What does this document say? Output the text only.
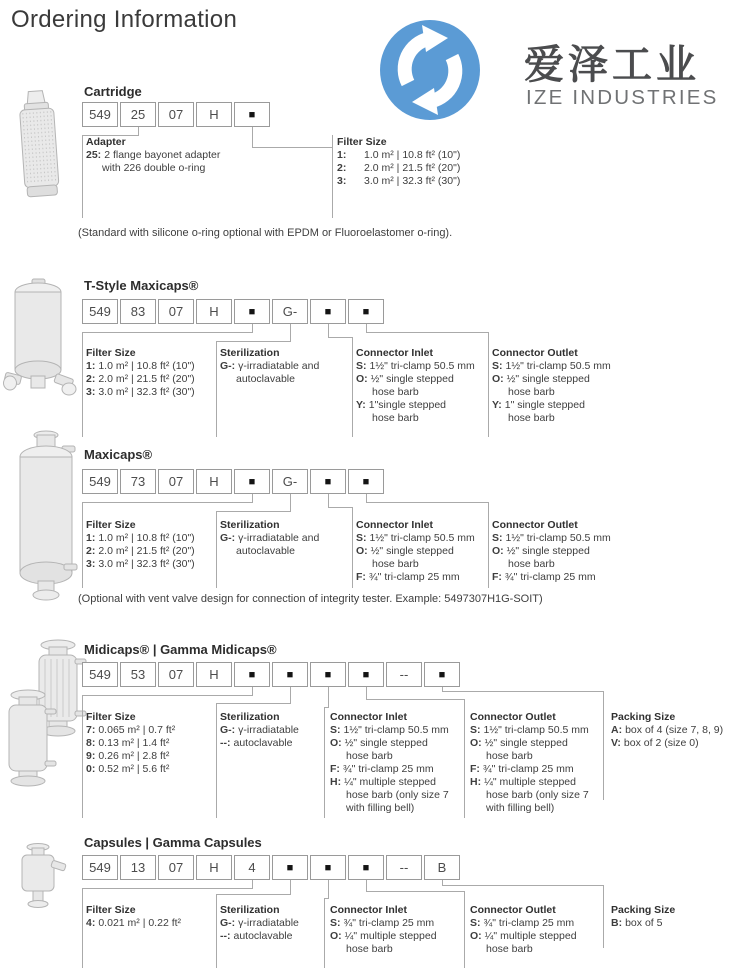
Ordering Information
爱泽工业
IZE INDUSTRIES
Cartridge
549	25	07	H	■
Adapter
25: 2 flange bayonet adapter
with 226 double o-ring
Filter Size
1: 1.0 m² | 10.8 ft² (10")
2: 2.0 m² | 21.5 ft² (20")
3: 3.0 m² | 32.3 ft² (30")
(Standard with silicone o-ring optional with EPDM or Fluoroelastomer o-ring).
T-Style Maxicaps®
549	83	07	H	■	G-	■	■
Filter Size
1: 1.0 m² | 10.8 ft² (10")
2: 2.0 m² | 21.5 ft² (20")
3: 3.0 m² | 32.3 ft² (30")
Sterilization
G-: γ-irradiatable and
autoclavable
Connector Inlet
S: 1½" tri-clamp 50.5 mm
O: ½" single stepped
hose barb
Y: 1"single stepped
hose barb
Connector Outlet
S: 1½" tri-clamp 50.5 mm
O: ½" single stepped
hose barb
Y: 1" single stepped
hose barb
Maxicaps®
549	73	07	H	■	G-	■	■
Filter Size
1: 1.0 m² | 10.8 ft² (10")
2: 2.0 m² | 21.5 ft² (20")
3: 3.0 m² | 32.3 ft² (30")
Sterilization
G-: γ-irradiatable and
autoclavable
Connector Inlet
S: 1½" tri-clamp 50.5 mm
O: ½" single stepped
hose barb
F: ¾" tri-clamp 25 mm
Connector Outlet
S: 1½" tri-clamp 50.5 mm
O: ½" single stepped
hose barb
F: ¾" tri-clamp 25 mm
(Optional with vent valve design for connection of integrity tester. Example: 5497307H1G-SOIT)
Midicaps® | Gamma Midicaps®
549	53	07	H	■	■	■	■	--	■
Filter Size
7: 0.065 m² | 0.7 ft²
8: 0.13 m² | 1.4 ft²
9: 0.26 m² | 2.8 ft²
0: 0.52 m² | 5.6 ft²
Sterilization
G-: γ-irradiatable
--: autoclavable
Connector Inlet
S: 1½" tri-clamp 50.5 mm
O: ½" single stepped
hose barb
F: ¾" tri-clamp 25 mm
H: ¼" multiple stepped
hose barb (only size 7
with filling bell)
Connector Outlet
S: 1½" tri-clamp 50.5 mm
O: ½" single stepped
hose barb
F: ¾" tri-clamp 25 mm
H: ¼" multiple stepped
hose barb (only size 7
with filling bell)
Packing Size
A: box of 4 (size 7, 8, 9)
V: box of 2 (size 0)
Capsules | Gamma Capsules
549	13	07	H	4	■	■	■	--	B
Filter Size
4: 0.021 m² | 0.22 ft²
Sterilization
G-: γ-irradiatable
--: autoclavable
Connector Inlet
S: ¾" tri-clamp 25 mm
O: ¼" multiple stepped
hose barb
Connector Outlet
S: ¾" tri-clamp 25 mm
O: ¼" multiple stepped
hose barb
Packing Size
B: box of 5
